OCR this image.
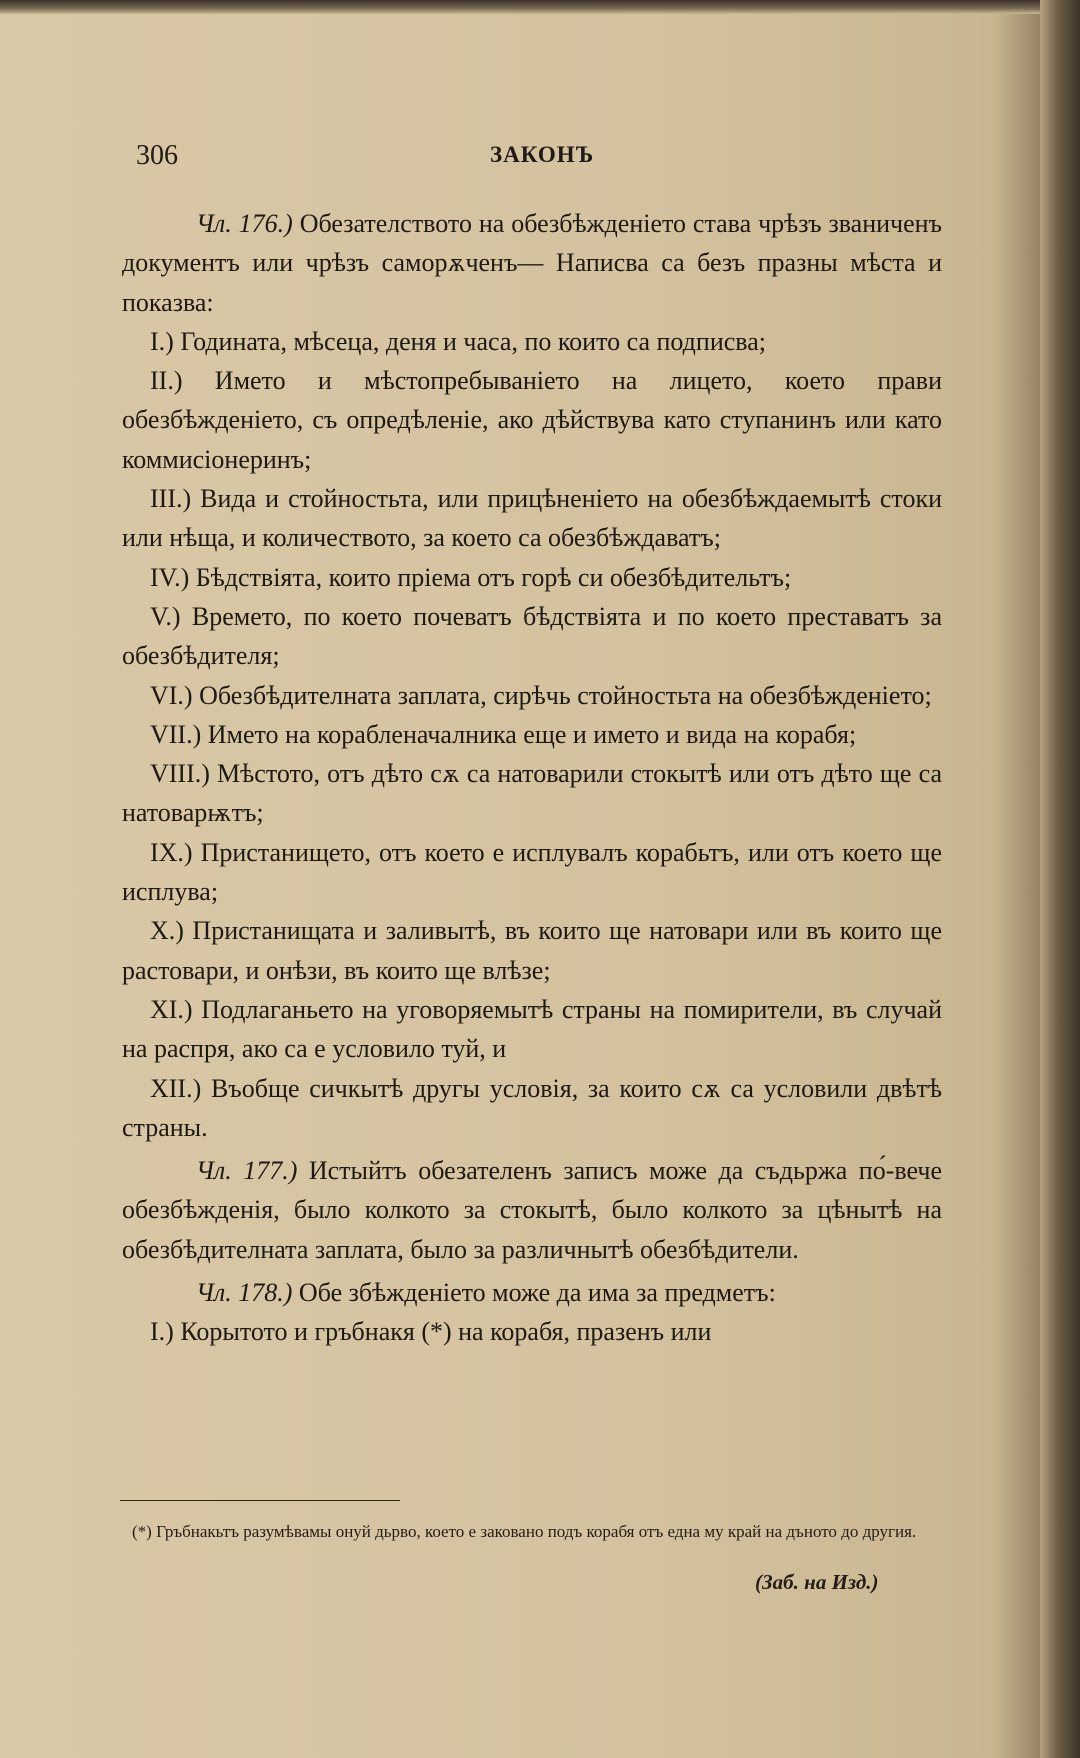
306	ЗАКОНЪ

Чл. 176.) Обезателството на обезбѣжденіето става чрѣзъ званиченъ документъ или чрѣзъ саморѫченъ— Написва са безъ празны мѣста и показва:

I.) Годината, мѣсеца, деня и часа, по които са подписва;

II.) Името и мѣстопребываніето на лицето, което прави обезбѣжденіето, съ опредѣленіе, ако дѣйствува като ступанинъ или като коммисіонеринъ;

III.) Вида и стойностьта, или прицѣненіето на обезбѣждаемытѣ стоки или нѣща, и количеството, за което са обезбѣждаватъ;

IV.) Бѣдствіята, които пріема отъ горѣ си обезбѣдительтъ;

V.) Времето, по което почеватъ бѣдствіята и по което преставатъ за обезбѣдителя;

VI.) Обезбѣдителната заплата, сирѣчь стойностьта на обезбѣжденіето;

VII.) Името на корабленачалника еще и името и вида на корабя;

VIII.) Мѣстото, отъ дѣто сѫ са натоварили стокытѣ или отъ дѣто ще са натоварѭтъ;

IX.) Пристанището, отъ което е исплувалъ корабьтъ, или отъ което ще исплува;

X.) Пристанищата и заливытѣ, въ които ще натовари или въ които ще растовари, и онѣзи, въ които ще влѣзе;

XI.) Подлаганьето на уговоряемытѣ страны на помирители, въ случай на распря, ако са е условило туй, и

XII.) Въобще сичкытѣ другы условія, за които сѫ са условили двѣтѣ страны.

Чл. 177.) Истыйтъ обезателенъ записъ може да съдьржа по́-вече обезбѣжденія, было колкото за стокытѣ, было колкото за цѣнытѣ на обезбѣдителната заплата, было за различнытѣ обезбѣдители.

Чл. 178.) Обе збѣжденіето може да има за предметъ:

I.) Корытото и гръбнакя (*) на корабя, празенъ или

(*) Гръбнакьтъ разумѣвамы онуй дьрво, което е заковано подъ корабя отъ една му край на дъното до другия.

(Заб. на Изд.)
